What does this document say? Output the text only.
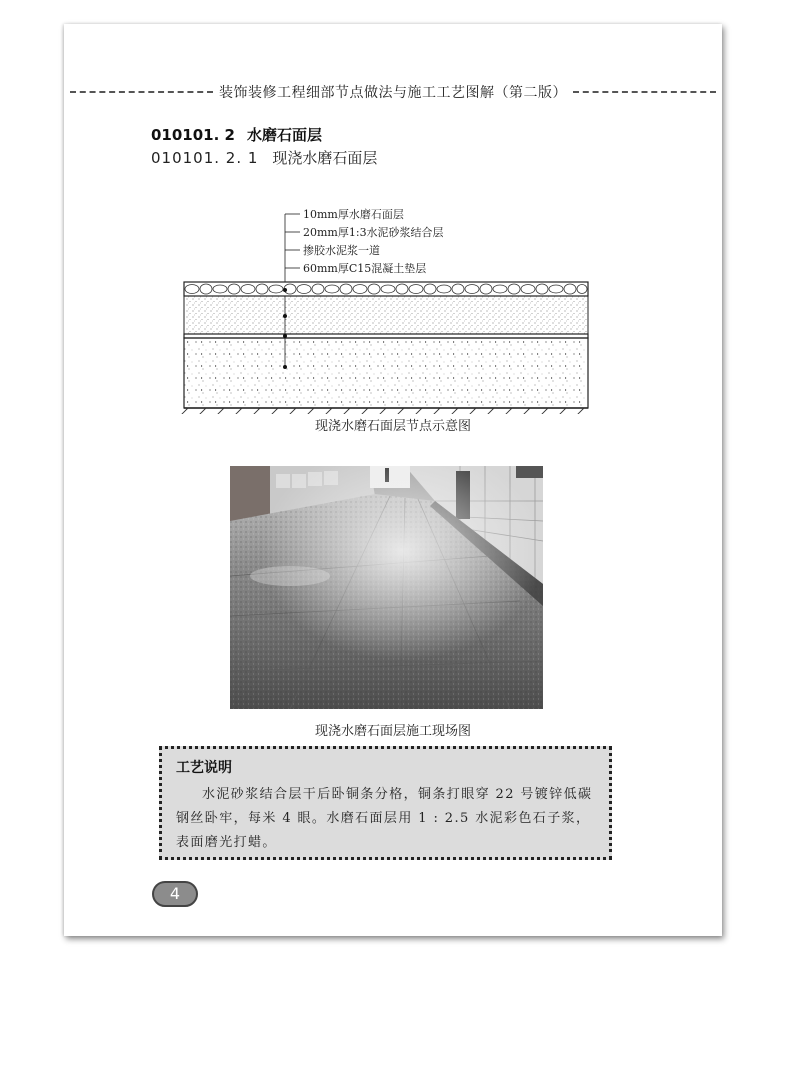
装饰装修工程细部节点做法与施工工艺图解（第二版）
010101. 2 水磨石面层
010101. 2. 1 现浇水磨石面层
10mm厚水磨石面层
20mm厚1:3水泥砂浆结合层
掺胶水泥浆一道
60mm厚C15混凝土垫层
现浇水磨石面层节点示意图
现浇水磨石面层施工现场图
工艺说明
水泥砂浆结合层干后卧铜条分格，铜条打眼穿 22 号镀锌低碳钢丝卧牢，每米 4 眼。水磨石面层用 1 : 2.5 水泥彩色石子浆，表面磨光打蜡。
4
